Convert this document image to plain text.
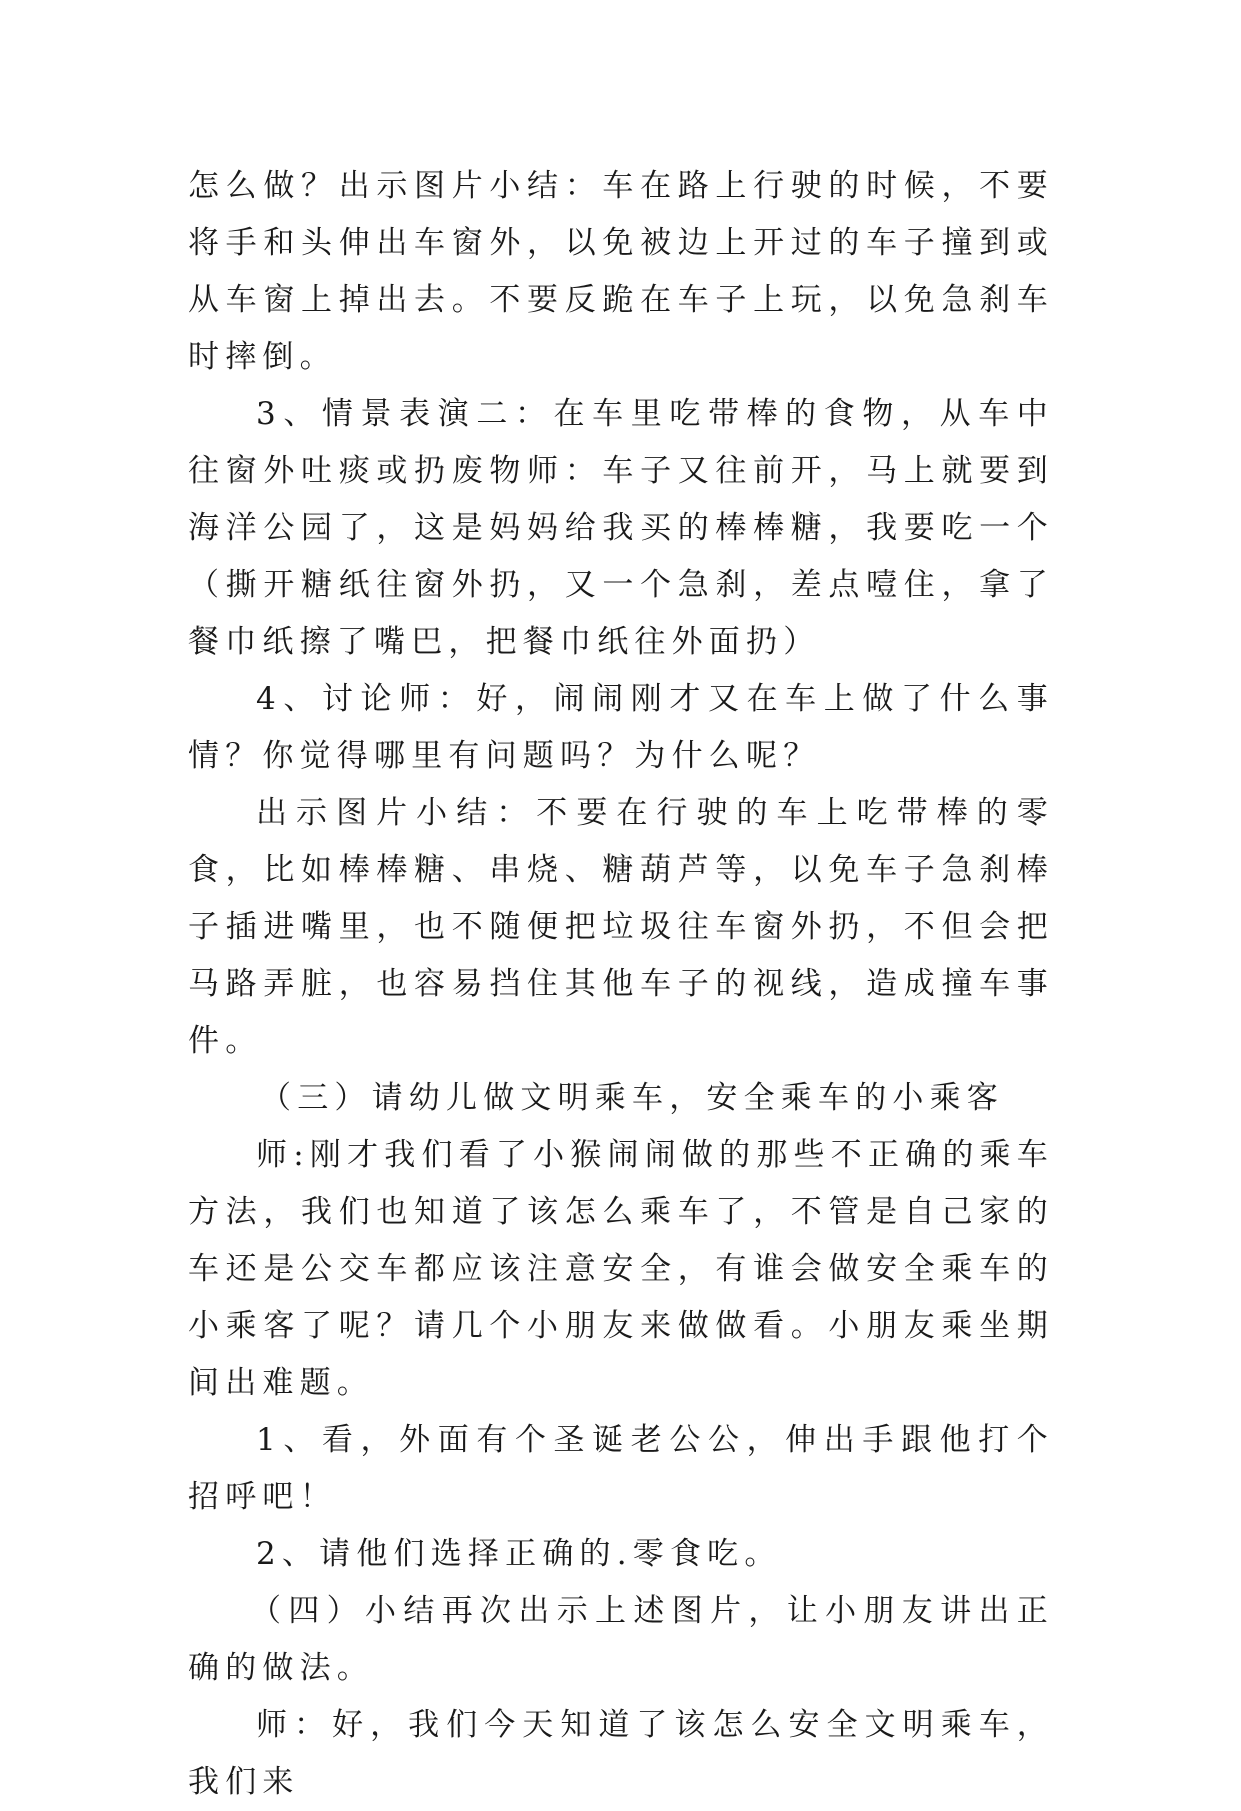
怎么做？出示图片小结：车在路上行驶的时候，不要将手和头伸出车窗外，以免被边上开过的车子撞到或从车窗上掉出去。不要反跪在车子上玩，以免急刹车时摔倒。

3、情景表演二：在车里吃带棒的食物，从车中往窗外吐痰或扔废物师：车子又往前开，马上就要到海洋公园了，这是妈妈给我买的棒棒糖，我要吃一个（撕开糖纸往窗外扔，又一个急刹，差点噎住，拿了餐巾纸擦了嘴巴，把餐巾纸往外面扔）

4、讨论师：好，闹闹刚才又在车上做了什么事情？你觉得哪里有问题吗？为什么呢？

出示图片小结：不要在行驶的车上吃带棒的零食，比如棒棒糖、串烧、糖葫芦等，以免车子急刹棒子插进嘴里，也不随便把垃圾往车窗外扔，不但会把马路弄脏，也容易挡住其他车子的视线，造成撞车事件。

（三）请幼儿做文明乘车，安全乘车的小乘客

师:刚才我们看了小猴闹闹做的那些不正确的乘车方法，我们也知道了该怎么乘车了，不管是自己家的车还是公交车都应该注意安全，有谁会做安全乘车的小乘客了呢？请几个小朋友来做做看。小朋友乘坐期间出难题。

1、看，外面有个圣诞老公公，伸出手跟他打个招呼吧！

2、请他们选择正确的.零食吃。

（四）小结再次出示上述图片，让小朋友讲出正确的做法。

师：好，我们今天知道了该怎么安全文明乘车，我们来
